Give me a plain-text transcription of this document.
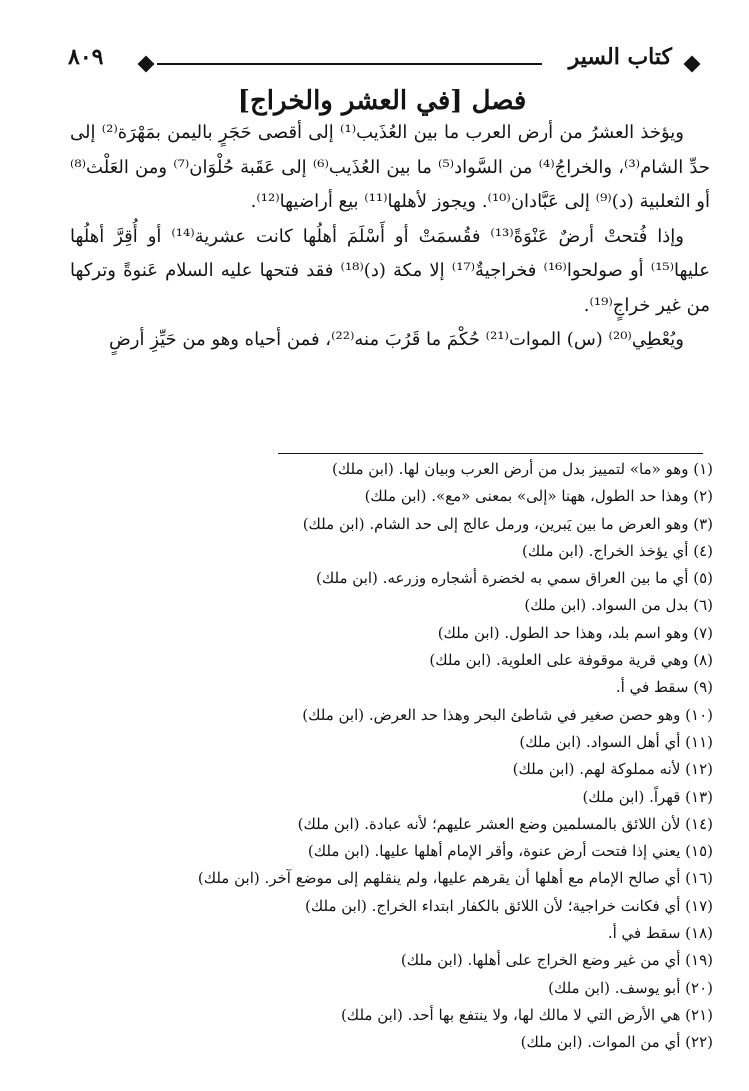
كتاب السير
٨٠٩
فصل [في العشر والخراج]

ويؤخذ العشرُ من أرض العرب ما بين العُذَيب⁽¹⁾ إلى أقصى حَجَرٍ باليمن بمَهْرَة⁽²⁾ إلى حدِّ الشام⁽³⁾، والخراجُ⁽⁴⁾ من السَّواد⁽⁵⁾ ما بين العُذَيب⁽⁶⁾ إلى عَقَبة حُلْوَان⁽⁷⁾ ومن العَلْث⁽⁸⁾ أو الثعلبية (د)⁽⁹⁾ إلى عَبَّادان⁽¹⁰⁾. ويجوز لأهلها⁽¹¹⁾ بيع أراضيها⁽¹²⁾.

وإذا فُتحتْ أرضٌ عَنْوَةً⁽¹³⁾ فقُسمَتْ أو أَسْلَمَ أهلُها كانت عشرية⁽¹⁴⁾ أو أُقِرَّ أهلُها عليها⁽¹⁵⁾ أو صولحوا⁽¹⁶⁾ فخراجيةٌ⁽¹⁷⁾ إلا مكة (د)⁽¹⁸⁾ فقد فتحها عليه السلام عَنوةً وتركها من غير خراجٍ⁽¹⁹⁾.

ويُعْطِي⁽²⁰⁾ (س) الموات⁽²¹⁾ حُكْمَ ما قَرُبَ منه⁽²²⁾، فمن أحياه وهو من حَيِّزِ أرضٍ

(١) وهو «ما» لتمييز بدل من أرض العرب وبيان لها. (ابن ملك)
(٢) وهذا حد الطول، ههنا «إلى» بمعنى «مع». (ابن ملك)
(٣) وهو العرض ما بين يَبرين، ورمل عالج إلى حد الشام. (ابن ملك)
(٤) أي يؤخذ الخراج. (ابن ملك)
(٥) أي ما بين العراق سمي به لخضرة أشجاره وزرعه. (ابن ملك)
(٦) بدل من السواد. (ابن ملك)
(٧) وهو اسم بلد، وهذا حد الطول. (ابن ملك)
(٨) وهي قرية موقوفة على العلوية. (ابن ملك)
(٩) سقط في أ.
(١٠) وهو حصن صغير في شاطئ البحر وهذا حد العرض. (ابن ملك)
(١١) أي أهل السواد. (ابن ملك)
(١٢) لأنه مملوكة لهم. (ابن ملك)
(١٣) قهراً. (ابن ملك)
(١٤) لأن اللائق بالمسلمين وضع العشر عليهم؛ لأنه عبادة. (ابن ملك)
(١٥) يعني إذا فتحت أرض عنوة، وأقر الإمام أهلها عليها. (ابن ملك)
(١٦) أي صالح الإمام مع أهلها أن يقرهم عليها، ولم ينقلهم إلى موضع آخر. (ابن ملك)
(١٧) أي فكانت خراجية؛ لأن اللائق بالكفار ابتداء الخراج. (ابن ملك)
(١٨) سقط في أ.
(١٩) أي من غير وضع الخراج على أهلها. (ابن ملك)
(٢٠) أبو يوسف. (ابن ملك)
(٢١) هي الأرض التي لا مالك لها، ولا ينتفع بها أحد. (ابن ملك)
(٢٢) أي من الموات. (ابن ملك)
